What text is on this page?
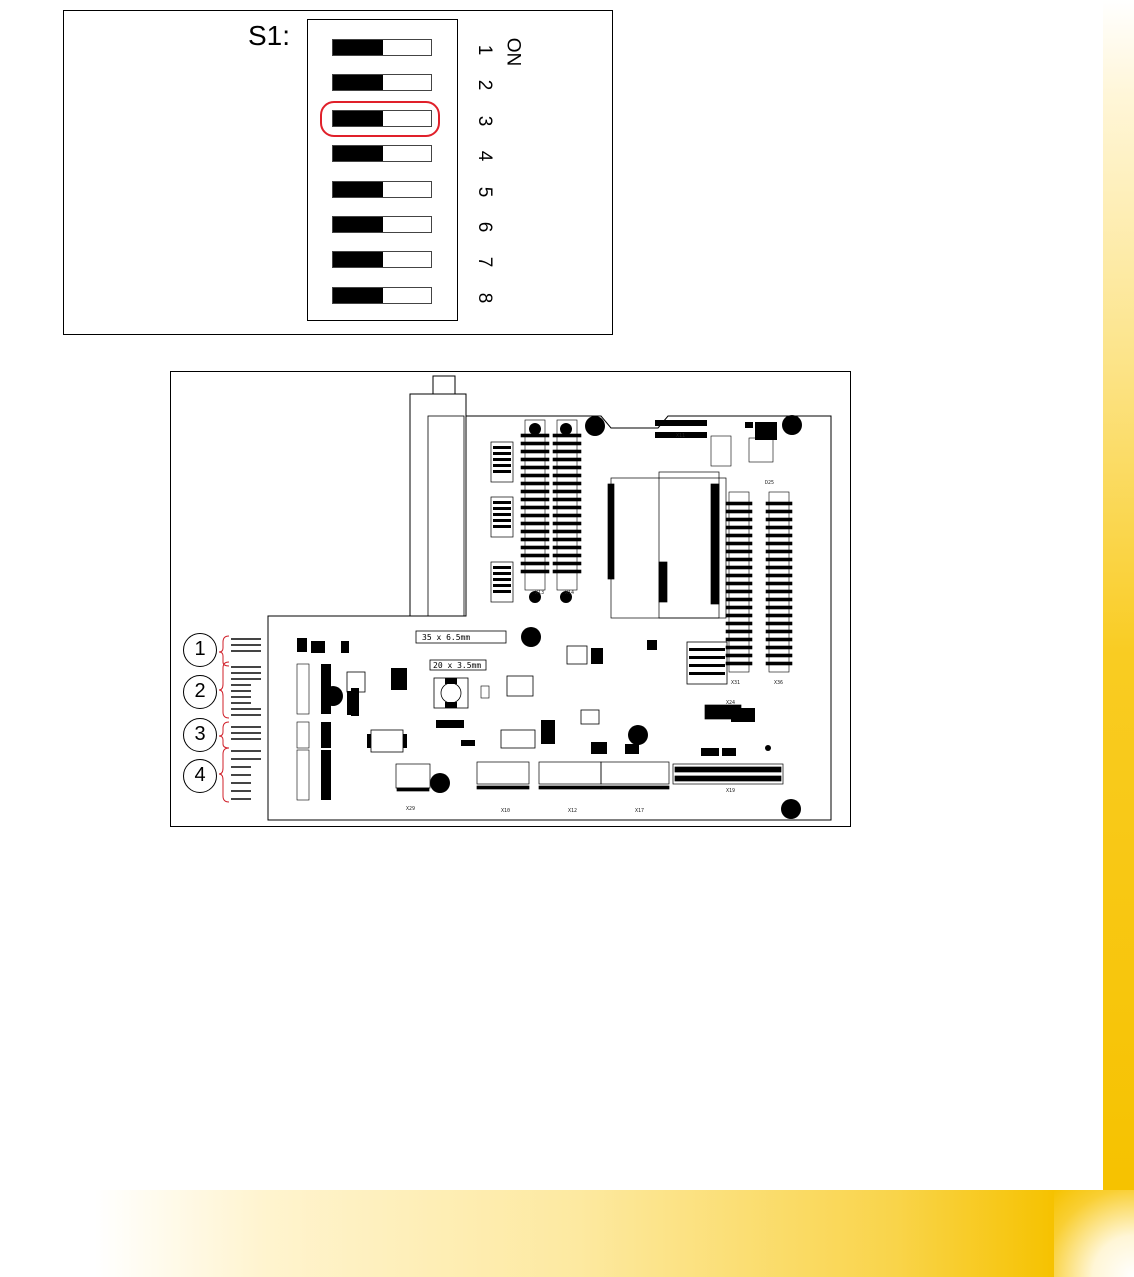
S1:
ON
1
2
3
4
5
6
7
8
35 x 6.5mm
20 x 3.5mm
X11
X13	X14
X31	X36
D25
X29	X10	X12	X17
X19
X24
1
2
3
4
